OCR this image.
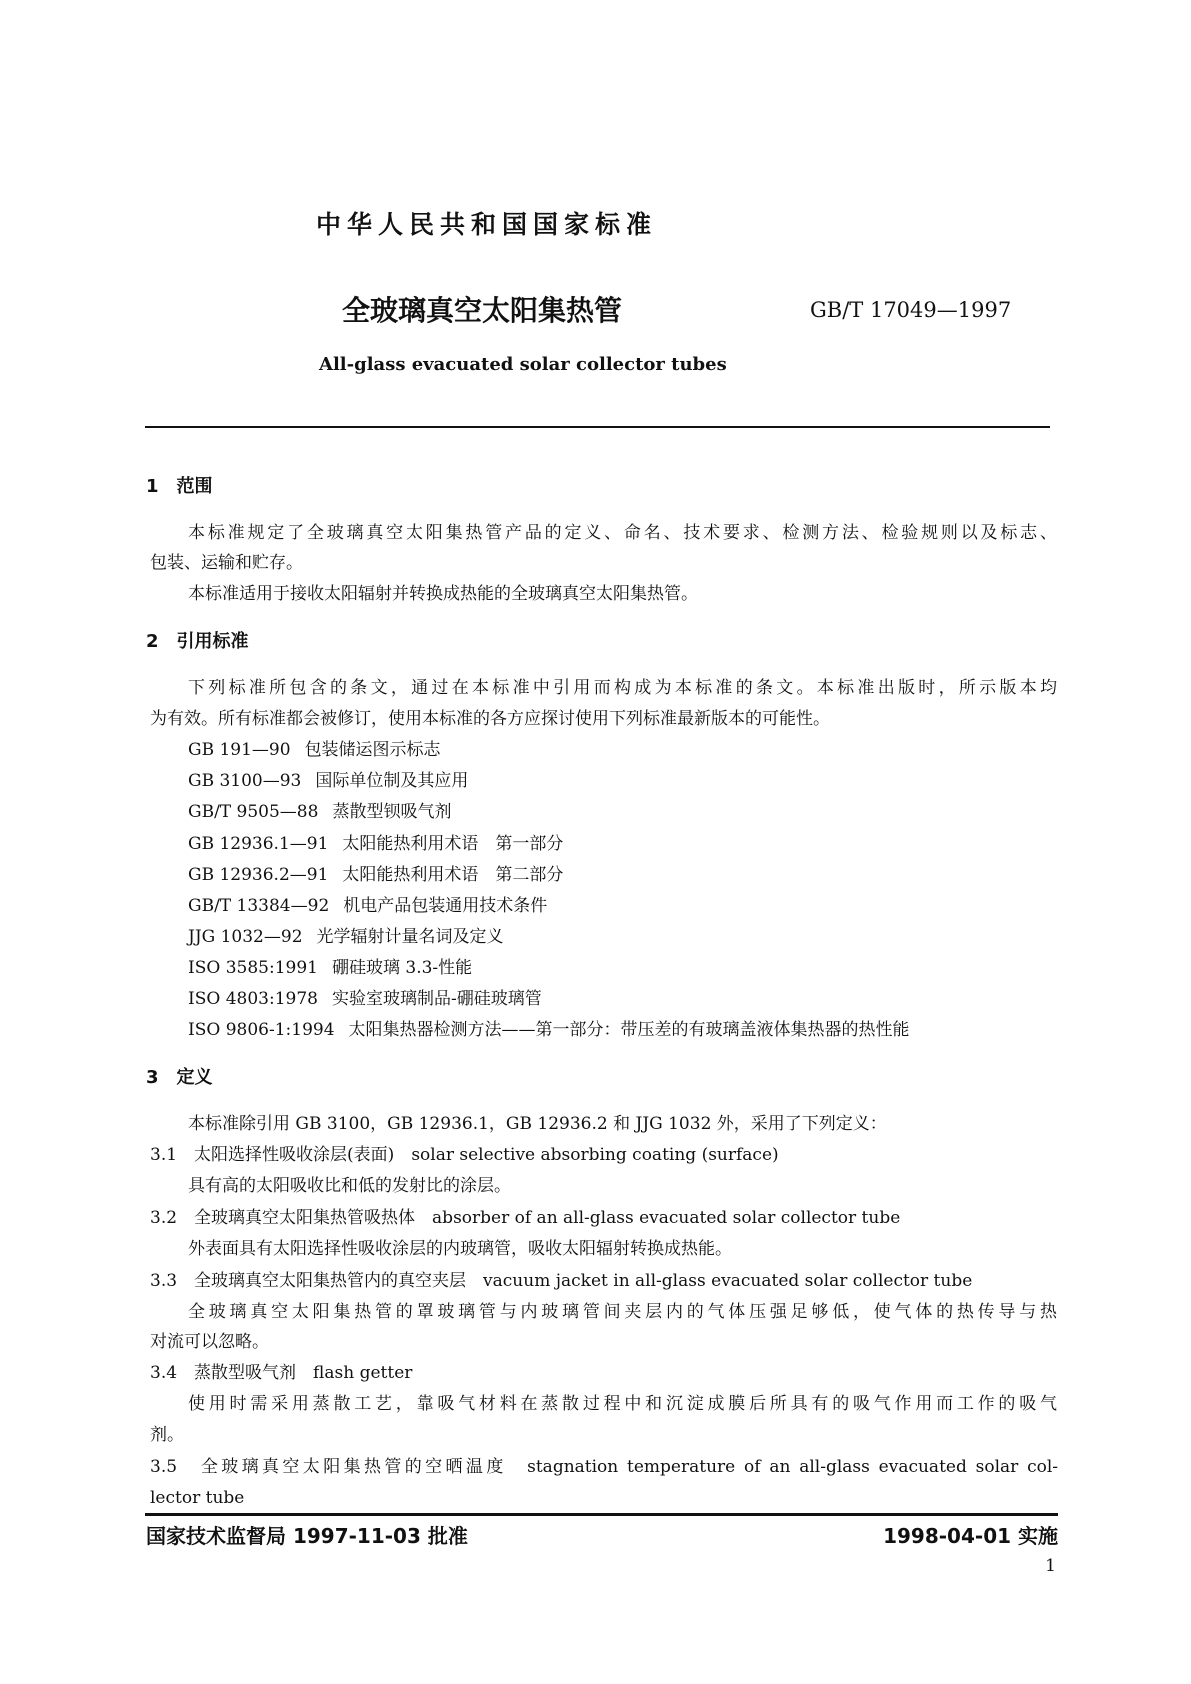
中华人民共和国国家标准
全玻璃真空太阳集热管	GB/T 17049—1997
All-glass evacuated solar collector tubes
1　范围
本标准规定了全玻璃真空太阳集热管产品的定义、命名、技术要求、检测方法、检验规则以及标志、
包装、运输和贮存。
本标准适用于接收太阳辐射并转换成热能的全玻璃真空太阳集热管。
2　引用标准
下列标准所包含的条文，通过在本标准中引用而构成为本标准的条文。本标准出版时，所示版本均
为有效。所有标准都会被修订，使用本标准的各方应探讨使用下列标准最新版本的可能性。
GB 191—90 包装储运图示标志
GB 3100—93 国际单位制及其应用
GB/T 9505—88 蒸散型钡吸气剂
GB 12936.1—91 太阳能热利用术语　第一部分
GB 12936.2—91 太阳能热利用术语　第二部分
GB/T 13384—92 机电产品包装通用技术条件
JJG 1032—92 光学辐射计量名词及定义
ISO 3585:1991 硼硅玻璃 3.3-性能
ISO 4803:1978 实验室玻璃制品-硼硅玻璃管
ISO 9806-1:1994 太阳集热器检测方法——第一部分：带压差的有玻璃盖液体集热器的热性能
3　定义
本标准除引用 GB 3100，GB 12936.1，GB 12936.2 和 JJG 1032 外，采用了下列定义：
3.1　 太阳选择性吸收涂层(表面)　 solar selective absorbing coating (surface)
具有高的太阳吸收比和低的发射比的涂层。
3.2　 全玻璃真空太阳集热管吸热体　 absorber of an all-glass evacuated solar collector tube
外表面具有太阳选择性吸收涂层的内玻璃管，吸收太阳辐射转换成热能。
3.3　 全玻璃真空太阳集热管内的真空夹层　 vacuum jacket in all-glass evacuated solar collector tube
全玻璃真空太阳集热管的罩玻璃管与内玻璃管间夹层内的气体压强足够低，使气体的热传导与热
对流可以忽略。
3.4　 蒸散型吸气剂　 flash getter
使用时需采用蒸散工艺，靠吸气材料在蒸散过程中和沉淀成膜后所具有的吸气作用而工作的吸气
剂。
3.5　 全玻璃真空太阳集热管的空晒温度　 stagnation temperature of an all-glass evacuated solar col-
lector tube
国家技术监督局 1997-11-03 批准	1998-04-01 实施
1
